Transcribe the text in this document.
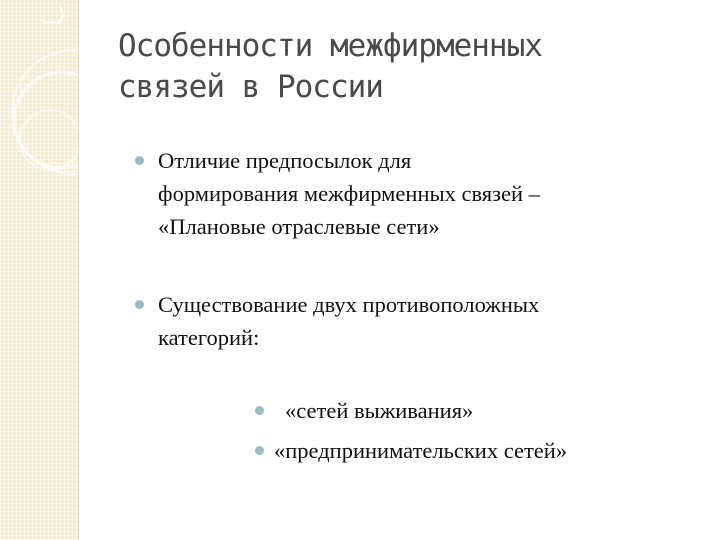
Особенности межфирменных
связей в России
Отличие предпосылок для
формирования межфирменных связей –
«Плановые отраслевые сети»
Существование двух противоположных
категорий:
«сетей выживания»
«предпринимательских сетей»
